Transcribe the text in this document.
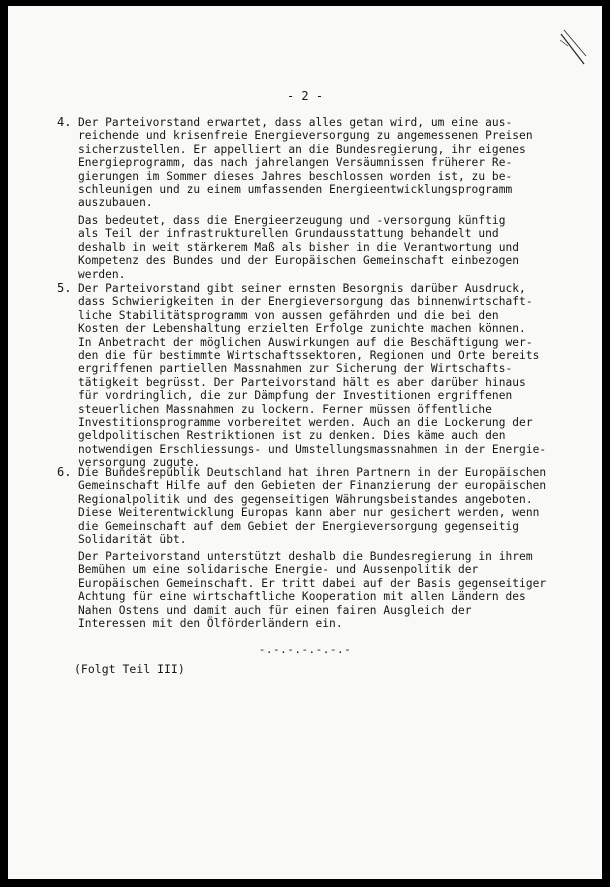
- 2 -
4. Der Parteivorstand erwartet, dass alles getan wird, um eine aus-
reichende und krisenfreie Energieversorgung zu angemessenen Preisen
sicherzustellen. Er appelliert an die Bundesregierung, ihr eigenes
Energieprogramm, das nach jahrelangen Versäumnissen früherer Re-
gierungen im Sommer dieses Jahres beschlossen worden ist, zu be-
schleunigen und zu einem umfassenden Energieentwicklungsprogramm
auszubauen.

Das bedeutet, dass die Energieerzeugung und -versorgung künftig
als Teil der infrastrukturellen Grundausstattung behandelt und
deshalb in weit stärkerem Maß als bisher in die Verantwortung und
Kompetenz des Bundes und der Europäischen Gemeinschaft einbezogen
werden.

5. Der Parteivorstand gibt seiner ernsten Besorgnis darüber Ausdruck,
dass Schwierigkeiten in der Energieversorgung das binnenwirtschaft-
liche Stabilitätsprogramm von aussen gefährden und die bei den
Kosten der Lebenshaltung erzielten Erfolge zunichte machen können.
In Anbetracht der möglichen Auswirkungen auf die Beschäftigung wer-
den die für bestimmte Wirtschaftssektoren, Regionen und Orte bereits
ergriffenen partiellen Massnahmen zur Sicherung der Wirtschafts-
tätigkeit begrüsst. Der Parteivorstand hält es aber darüber hinaus
für vordringlich, die zur Dämpfung der Investitionen ergriffenen
steuerlichen Massnahmen zu lockern. Ferner müssen öffentliche
Investitionsprogramme vorbereitet werden. Auch an die Lockerung der
geldpolitischen Restriktionen ist zu denken. Dies käme auch den
notwendigen Erschliessungs- und Umstellungsmassnahmen in der Energie-
versorgung zugute.

6. Die Bundesrepublik Deutschland hat ihren Partnern in der Europäischen
Gemeinschaft Hilfe auf den Gebieten der Finanzierung der europäischen
Regionalpolitik und des gegenseitigen Währungsbeistandes angeboten.
Diese Weiterentwicklung Europas kann aber nur gesichert werden, wenn
die Gemeinschaft auf dem Gebiet der Energieversorgung gegenseitig
Solidarität übt.

Der Parteivorstand unterstützt deshalb die Bundesregierung in ihrem
Bemühen um eine solidarische Energie- und Aussenpolitik der
Europäischen Gemeinschaft. Er tritt dabei auf der Basis gegenseitiger
Achtung für eine wirtschaftliche Kooperation mit allen Ländern des
Nahen Ostens und damit auch für einen fairen Ausgleich der
Interessen mit den Ölförderländern ein.

-.-.-.-.-.-.-
(Folgt Teil III)
